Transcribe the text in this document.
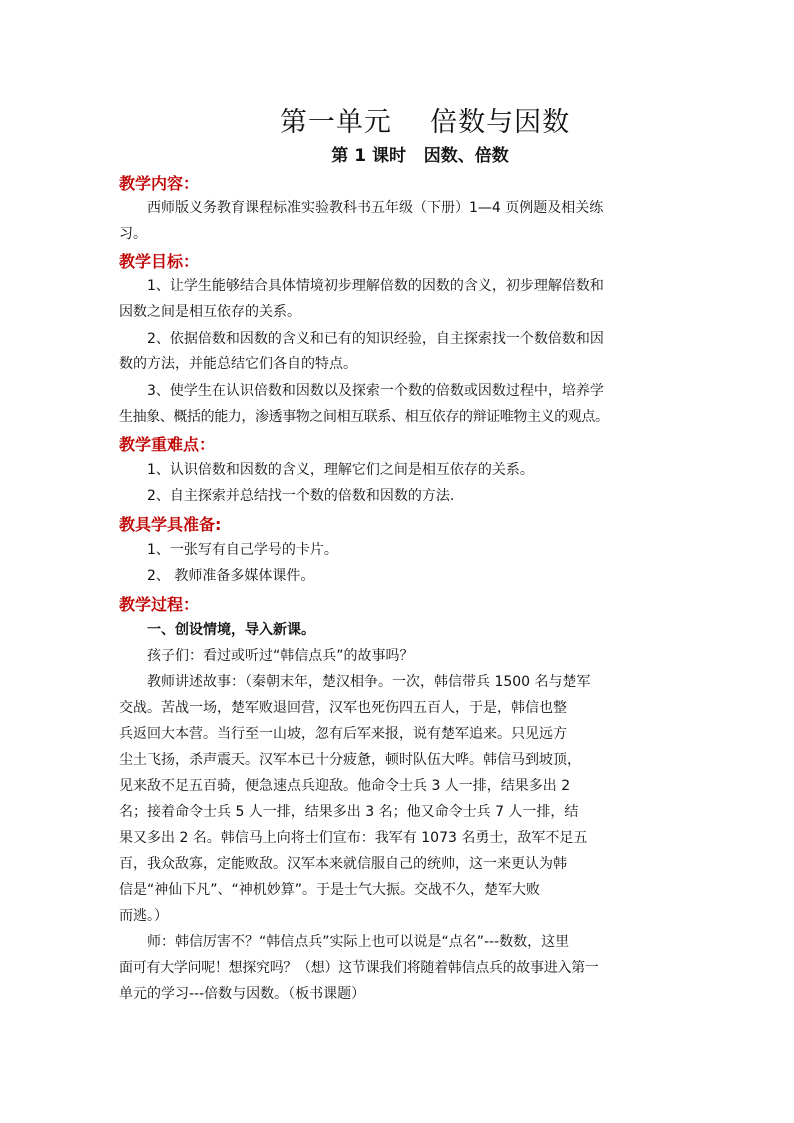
第一单元    倍数与因数
第 1 课时   因数、倍数
教学内容：
西师版义务教育课程标准实验教科书五年级（下册）1—4 页例题及相关练
习。
教学目标：
1、让学生能够结合具体情境初步理解倍数的因数的含义，初步理解倍数和
因数之间是相互依存的关系。
2、依据倍数和因数的含义和已有的知识经验，自主探索找一个数倍数和因
数的方法，并能总结它们各自的特点。
3、使学生在认识倍数和因数以及探索一个数的倍数或因数过程中，培养学
生抽象、概括的能力，渗透事物之间相互联系、相互依存的辩证唯物主义的观点。
教学重难点：
1、认识倍数和因数的含义，理解它们之间是相互依存的关系。
2、自主探索并总结找一个数的倍数和因数的方法.
教具学具准备:
1、一张写有自己学号的卡片。
2、 教师准备多媒体课件。
教学过程：
一、创设情境，导入新课。
孩子们：看过或听过“韩信点兵”的故事吗？
教师讲述故事：（秦朝末年，楚汉相争。一次，韩信带兵 1500 名与楚军
交战。苦战一场，楚军败退回营，汉军也死伤四五百人，于是，韩信也整
兵返回大本营。当行至一山坡，忽有后军来报，说有楚军追来。只见远方
尘土飞扬，杀声震天。汉军本已十分疲惫，顿时队伍大哗。韩信马到坡顶，
见来敌不足五百骑，便急速点兵迎敌。他命令士兵 3 人一排，结果多出 2
名；接着命令士兵 5 人一排，结果多出 3 名；他又命令士兵 7 人一排，结
果又多出 2 名。韩信马上向将士们宣布：我军有 1073 名勇士，敌军不足五
百，我众敌寡，定能败敌。汉军本来就信服自己的统帅，这一来更认为韩
信是“神仙下凡”、“神机妙算”。于是士气大振。交战不久，楚军大败
而逃。）
师：韩信厉害不？“韩信点兵”实际上也可以说是“点名”---数数，这里
面可有大学问呢！想探究吗？（想）这节课我们将随着韩信点兵的故事进入第一
单元的学习---倍数与因数。（板书课题）
